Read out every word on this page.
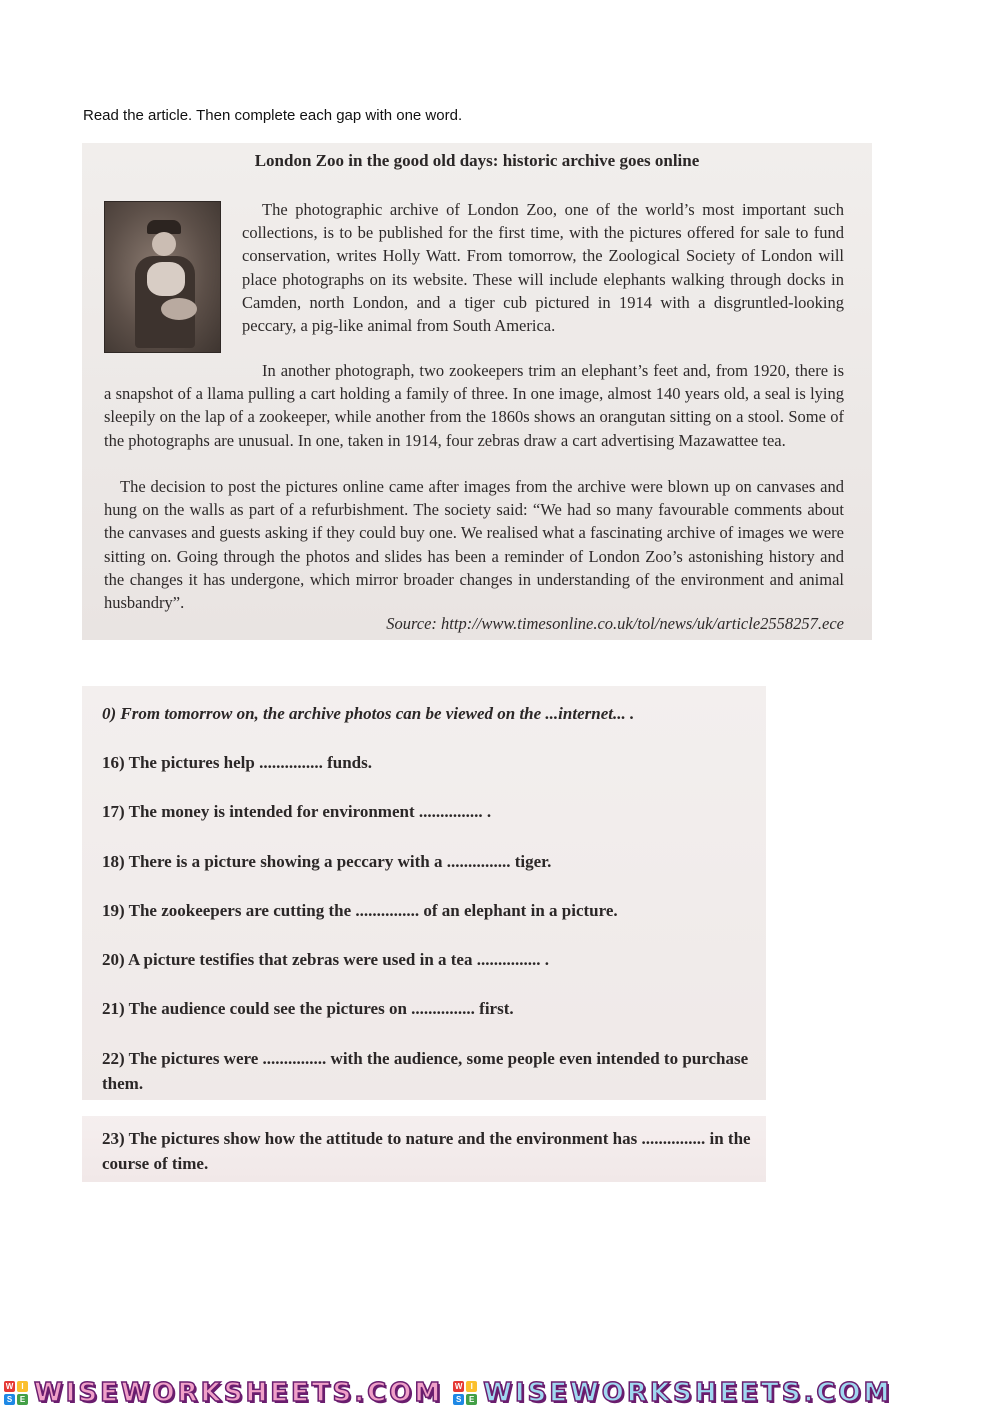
Read the article. Then complete each gap with one word.
London Zoo in the good old days: historic archive goes online
The photographic archive of London Zoo, one of the world’s most important such collections, is to be published for the first time, with the pictures offered for sale to fund conservation, writes Holly Watt. From tomorrow, the Zoological Society of London will place photographs on its website. These will include elephants walking through docks in Camden, north London, and a tiger cub pictured in 1914 with a disgruntled-looking peccary, a pig-like animal from South America.
In another photograph, two zookeepers trim an elephant’s feet and, from 1920, there is a snapshot of a llama pulling a cart holding a family of three. In one image, almost 140 years old, a seal is lying sleepily on the lap of a zookeeper, while another from the 1860s shows an orangutan sitting on a stool. Some of the photographs are unusual. In one, taken in 1914, four zebras draw a cart advertising Mazawattee tea.
The decision to post the pictures online came after images from the archive were blown up on canvases and hung on the walls as part of a refurbishment. The society said: “We had so many favourable comments about the canvases and guests asking if they could buy one. We realised what a fascinating archive of images we were sitting on. Going through the photos and slides has been a reminder of London Zoo’s astonishing history and the changes it has undergone, which mirror broader changes in understanding of the environment and animal husbandry”.
Source: http://www.timesonline.co.uk/tol/news/uk/article2558257.ece
0) From tomorrow on, the archive photos can be viewed on the ...internet... .
16) The pictures help ............... funds.
17) The money is intended for environment ............... .
18) There is a picture showing a peccary with a ............... tiger.
19) The zookeepers are cutting the ............... of an elephant in a picture.
20) A picture testifies that zebras were used in a tea ............... .
21) The audience could see the pictures on ............... first.
22) The pictures were ............... with the audience, some people even intended to purchase them.
23) The pictures show how the attitude to nature and the environment has ............... in the course of time.
W	I
S E WISEWORKSHEETS.COM W	I
S E WISEWORKSHEETS.COM
